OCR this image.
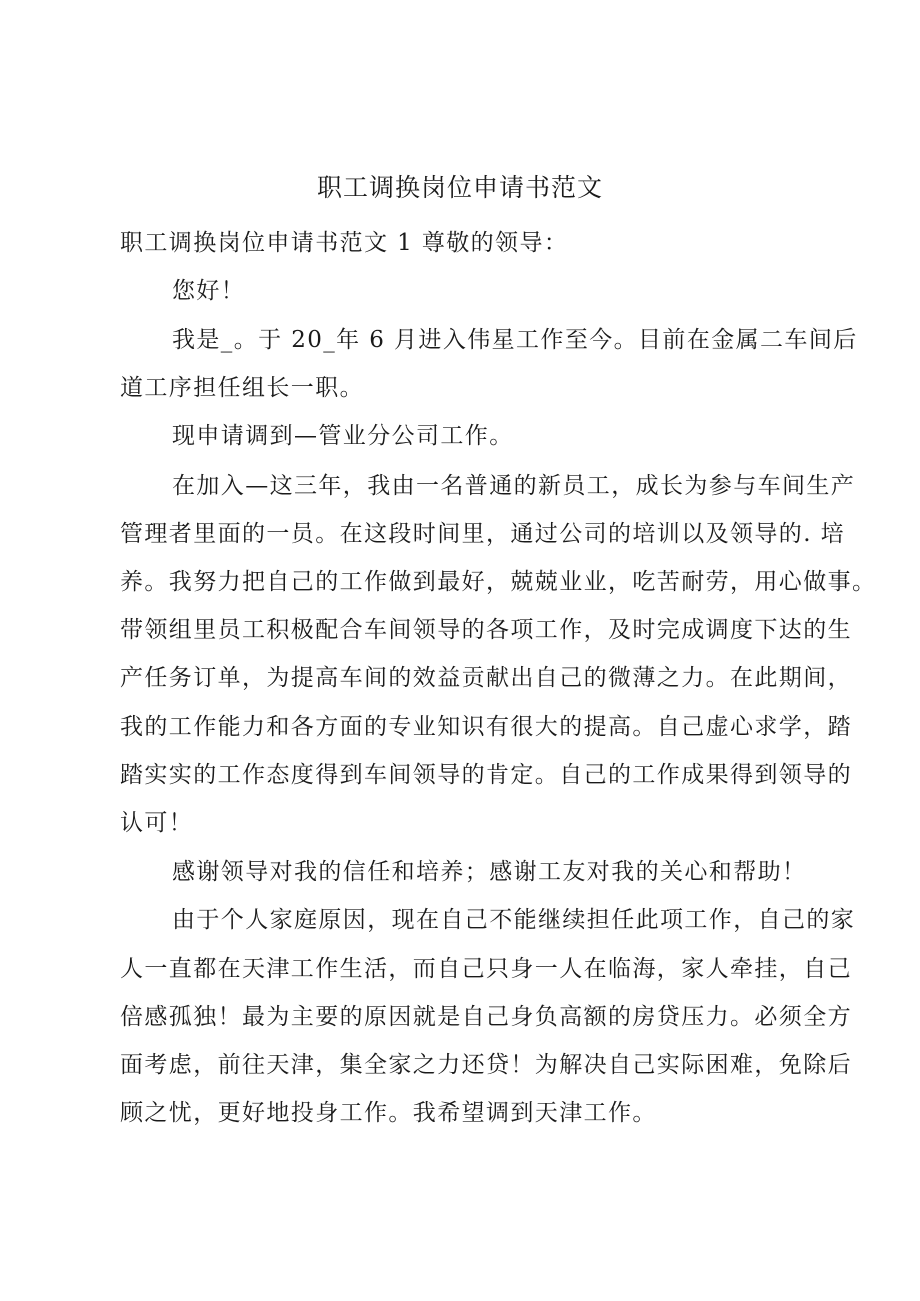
职工调换岗位申请书范文
职工调换岗位申请书范文 1 尊敬的领导：
您好！
我是_。于 20_年 6 月进入伟星工作至今。目前在金属二车间后
道工序担任组长一职。
现申请调到—管业分公司工作。
在加入—这三年，我由一名普通的新员工，成长为参与车间生产
管理者里面的一员。在这段时间里，通过公司的培训以及领导的. 培
养。我努力把自己的工作做到最好，兢兢业业，吃苦耐劳，用心做事。
带领组里员工积极配合车间领导的各项工作，及时完成调度下达的生
产任务订单，为提高车间的效益贡献出自己的微薄之力。在此期间，
我的工作能力和各方面的专业知识有很大的提高。自己虚心求学，踏
踏实实的工作态度得到车间领导的肯定。自己的工作成果得到领导的
认可！
感谢领导对我的信任和培养；感谢工友对我的关心和帮助！
由于个人家庭原因，现在自己不能继续担任此项工作，自己的家
人一直都在天津工作生活，而自己只身一人在临海，家人牵挂，自己
倍感孤独！最为主要的原因就是自己身负高额的房贷压力。必须全方
面考虑，前往天津，集全家之力还贷！为解决自己实际困难，免除后
顾之忧，更好地投身工作。我希望调到天津工作。
